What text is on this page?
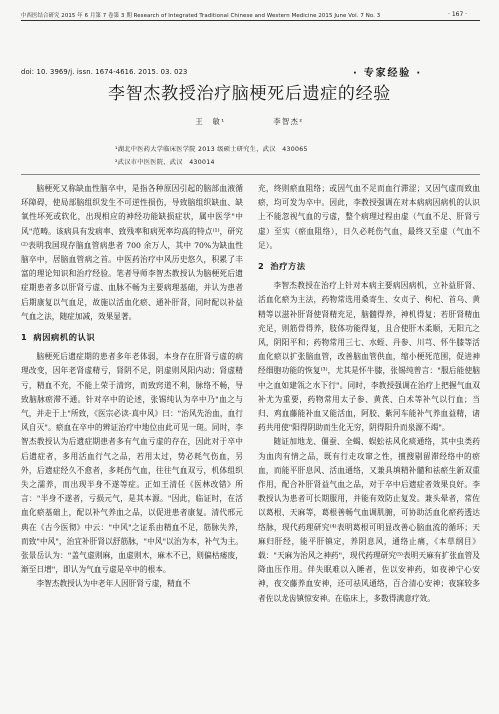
中西医结合研究 2015 年 6 月第 7 卷第 3 期 Research of Integrated Traditional Chinese and Western Medicine 2015 June Vol. 7 No. 3	· 167 ·
doi: 10. 3969/j. issn. 1674-4616. 2015. 03. 023	· 专家经验 ·
李智杰教授治疗脑梗死后遗症的经验
王　敏¹	李智杰²
¹湖北中医药大学临床医学院 2013 级硕士研究生，武汉　430065
²武汉市中医医院，武汉　430014

脑梗死又称缺血性脑卒中，是指各种原因引起的脑部血液循环障碍，使局部脑组织发生不可逆性损伤，导致脑组织缺血、缺氧性坏死或软化，出现相应的神经功能缺损症状，属中医学"中风"范畴。该病具有发病率、致残率和病死率均高的特点⁽¹⁾，研究⁽²⁾表明我国现存脑血管病患者 700 余万人，其中 70%为缺血性脑卒中，居脑血管病之首。中医药治疗中风历史悠久，积累了丰富的理论知识和治疗经验。笔者导师李智杰教授认为脑梗死后遗症期患者多以肝肾亏虚、血脉不畅为主要病理基础，并认为患者后期康复以气血足，故施以活血化瘀、通补肝肾，同时配以补益气血之法，随症加减，效果显著。

1 病因病机的认识

脑梗死后遗症期的患者多年老体弱，本身存在肝肾亏虚的病理改变，因年老肾虚精亏，肾阴不足，阴虚则风阳内动；肾虚精亏，精血不充，不能上荣于清窍，而致窍道不利，脉络不畅，导致脑脉瘀滞不通。针对卒中的论述，张锡纯认为卒中乃"血之与气，并走于上"所致，《医宗必读·真中风》曰："治风先治血，血行风自灭"。瘀血在卒中的辨证治疗中地位由此可见一斑。同时，李智杰教授认为后遗症期患者多有气血亏虚的存在，因此对于卒中后遗症者，多用活血行气之品，若用太过，势必耗气伤血，另外，后遗症经久不愈者，多耗伤气血，往往气血双亏，机体组织失之濡养，而出现半身不遂等症。正如王清任《医林改错》所言："半身不遂者，亏损元气，是其本源。"因此，临证时，在活血化瘀基础上，配以补气养血之品，以促进患者康复。清代邢元典在《古今医彻》中云："中风"之证系由精血不足，筋脉失养，而致"中风"，治宜补肝肾以舒筋脉，"中风"以治为本，补气为主。张景岳认为："盖气虚则麻，血虚则木，麻木不已，则偏枯痿废，渐至日增"，即认为气血亏虚是卒中的根本。

李智杰教授认为中老年人因肝肾亏虚，精血不

充，终则瘀血阻络；或因气血不足而血行滞涩；又因气虚而致血瘀，均可发为卒中。因此，李教授强调在对本病病因病机的认识上不能忽视气血的亏虚，整个病理过程由虚（气血不足、肝肾亏虚）至实（瘀血阻络），日久必耗伤气血，最终又至虚（气血不足）。

2 治疗方法

李智杰教授在治疗上针对本病主要病因病机，立补益肝肾、活血化瘀为主法，药物常选用桑寄生、女贞子、枸杞、首乌、黄精等以滋补肝肾使肾精充足，脑髓得养，神机得复；若肝肾精血充足，则筋骨得养，肢体功能得复，且合使肝木柔顺，无阳亢之风，阴阳平和；药物常用三七、水蛭、丹参、川芎、怀牛膝等活血化瘀以扩张脑血管，改善脑血管供血，缩小梗死范围，促进神经细胞功能的恢复⁽³⁾，尤其是怀牛膝，张锡纯曾言："服后能使脑中之血如建瓴之水下行"。同时，李教授强调在治疗上把握气血双补尤为重要，药物常用太子参、黄芪、白术等补气以行血；当归、鸡血藤能补血又能活血，阿胶、紫河车能补气养血益精，诸药共用使"阳得阴助而生化无穷，阴得阳升而泉源不竭"。

随证加地龙、僵蚕、全蝎、蜈蚣祛风化痰通络，其中虫类药为血肉有情之品，既有行走攻窜之性，擅搜剔留滞经络中的瘀血，而能平肝息风、活血通络，又兼具填精补髓和祛瘀生新双重作用，配合补肝肾益气血之品，对于卒中后遗症者效果良好。李教授认为患者可长期服用，并能有效防止复发。兼头晕者，常佐以葛根、天麻等，葛根善畅气血调肌腑，可协助活血化瘀药透达络脉，现代药理研究⁽⁴⁾表明葛根可明显改善心脑血流的循环；天麻归肝经，能平肝镇定，养阴息风，通络止痛，《本草纲目》载："天麻为治风之神药"，现代药理研究⁽⁵⁾表明天麻有扩张血管及降血压作用。伴失眠难以入睡者，佐以安神药，如夜神宁心安神，夜交藤养血安神，还可祛风通络，百合清心安神；夜寐较多者佐以龙齿镇惊安神。在临床上，多数得满意疗效。
